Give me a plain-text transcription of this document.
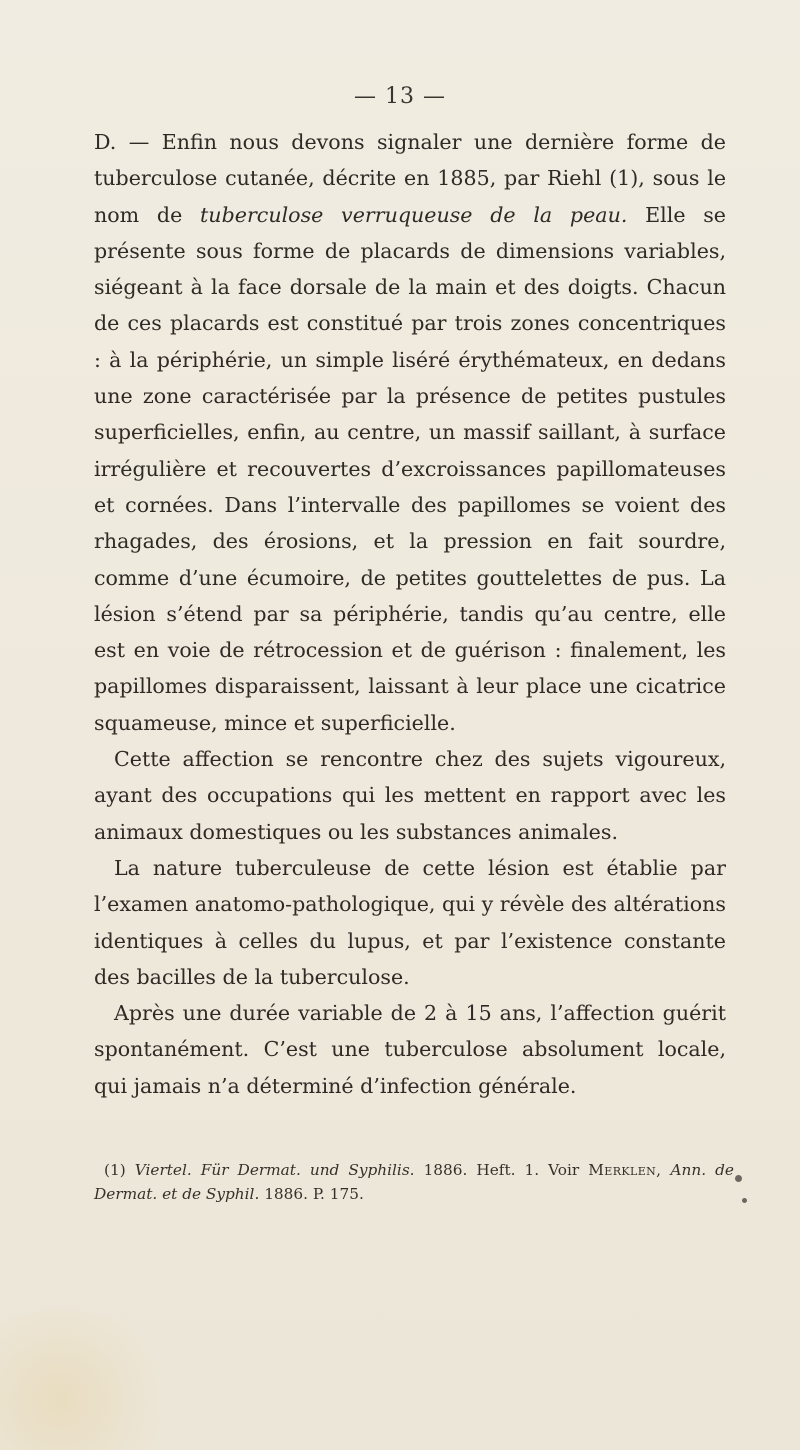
— 13 —

D. — Enfin nous devons signaler une dernière forme de tuberculose cutanée, décrite en 1885, par Riehl (1), sous le nom de tuberculose verruqueuse de la peau. Elle se présente sous forme de placards de dimensions variables, siégeant à la face dorsale de la main et des doigts. Chacun de ces placards est constitué par trois zones concentriques : à la périphérie, un simple liséré érythémateux, en dedans une zone caractérisée par la présence de petites pustules superficielles, enfin, au centre, un massif saillant, à surface irrégulière et recouvertes d’excroissances papillomateuses et cornées. Dans l’intervalle des papillomes se voient des rhagades, des érosions, et la pression en fait sourdre, comme d’une écumoire, de petites gouttelettes de pus. La lésion s’étend par sa périphérie, tandis qu’au centre, elle est en voie de rétrocession et de guérison : finalement, les papillomes disparaissent, laissant à leur place une cicatrice squameuse, mince et superficielle.

Cette affection se rencontre chez des sujets vigoureux, ayant des occupations qui les mettent en rapport avec les animaux domestiques ou les substances animales.

La nature tuberculeuse de cette lésion est établie par l’examen anatomo-pathologique, qui y révèle des altérations identiques à celles du lupus, et par l’existence constante des bacilles de la tuberculose.

Après une durée variable de 2 à 15 ans, l’affection guérit spontanément. C’est une tuberculose absolument locale, qui jamais n’a déterminé d’infection générale.

(1) Viertel. Für Dermat. und Syphilis. 1886. Heft. 1. Voir Merklen, Ann. de Dermat. et de Syphil. 1886. P. 175.
